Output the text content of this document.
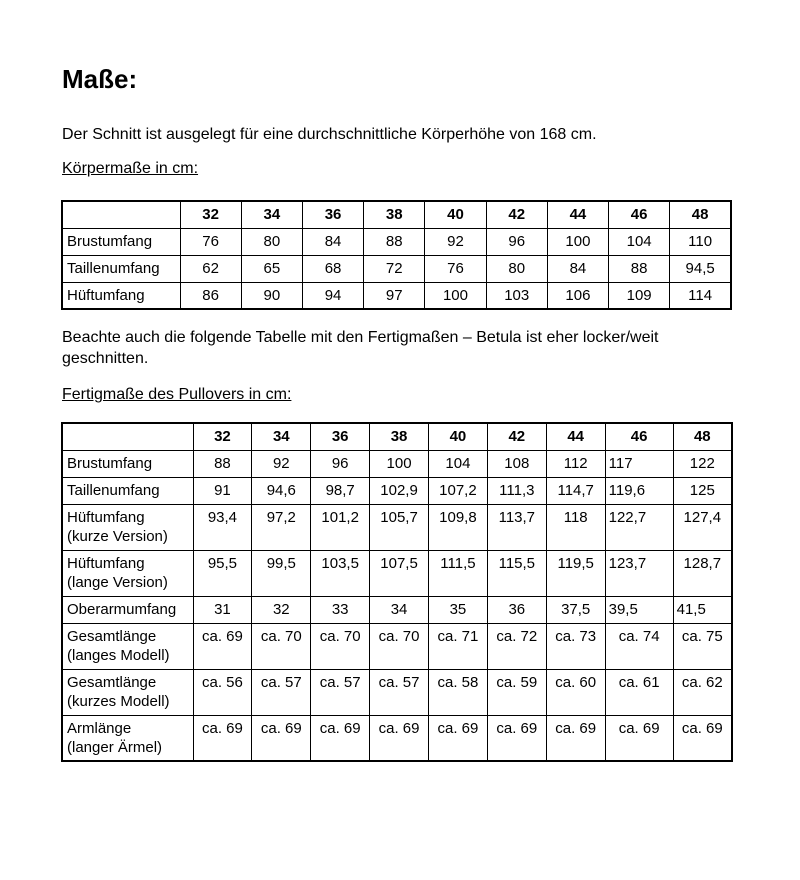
Maße:

Der Schnitt ist ausgelegt für eine durchschnittliche Körperhöhe von 168 cm.

Körpermaße in cm:
	32	34	36	38	40	42	44	46	48
Brustumfang	76	80	84	88	92	96	100	104	110
Taillenumfang	62	65	68	72	76	80	84	88	94,5
Hüftumfang	86	90	94	97	100	103	106	109	114

Beachte auch die folgende Tabelle mit den Fertigmaßen – Betula ist eher locker/weit geschnitten.

Fertigmaße des Pullovers in cm:
	32	34	36	38	40	42	44	46	48
Brustumfang	88	92	96	100	104	108	112	117	122
Taillenumfang	91	94,6	98,7	102,9	107,2	111,3	114,7	119,6	125
Hüftumfang
(kurze Version)	93,4	97,2	101,2	105,7	109,8	113,7	118	122,7	127,4
Hüftumfang
(lange Version)	95,5	99,5	103,5	107,5	111,5	115,5	119,5	123,7	128,7
Oberarmumfang	31	32	33	34	35	36	37,5	39,5	41,5
Gesamtlänge
(langes Modell)	ca. 69	ca. 70	ca. 70	ca. 70	ca. 71	ca. 72	ca. 73	ca. 74	ca. 75
Gesamtlänge
(kurzes Modell)	ca. 56	ca. 57	ca. 57	ca. 57	ca. 58	ca. 59	ca. 60	ca. 61	ca. 62
Armlänge
(langer Ärmel)	ca. 69	ca. 69	ca. 69	ca. 69	ca. 69	ca. 69	ca. 69	ca. 69	ca. 69
